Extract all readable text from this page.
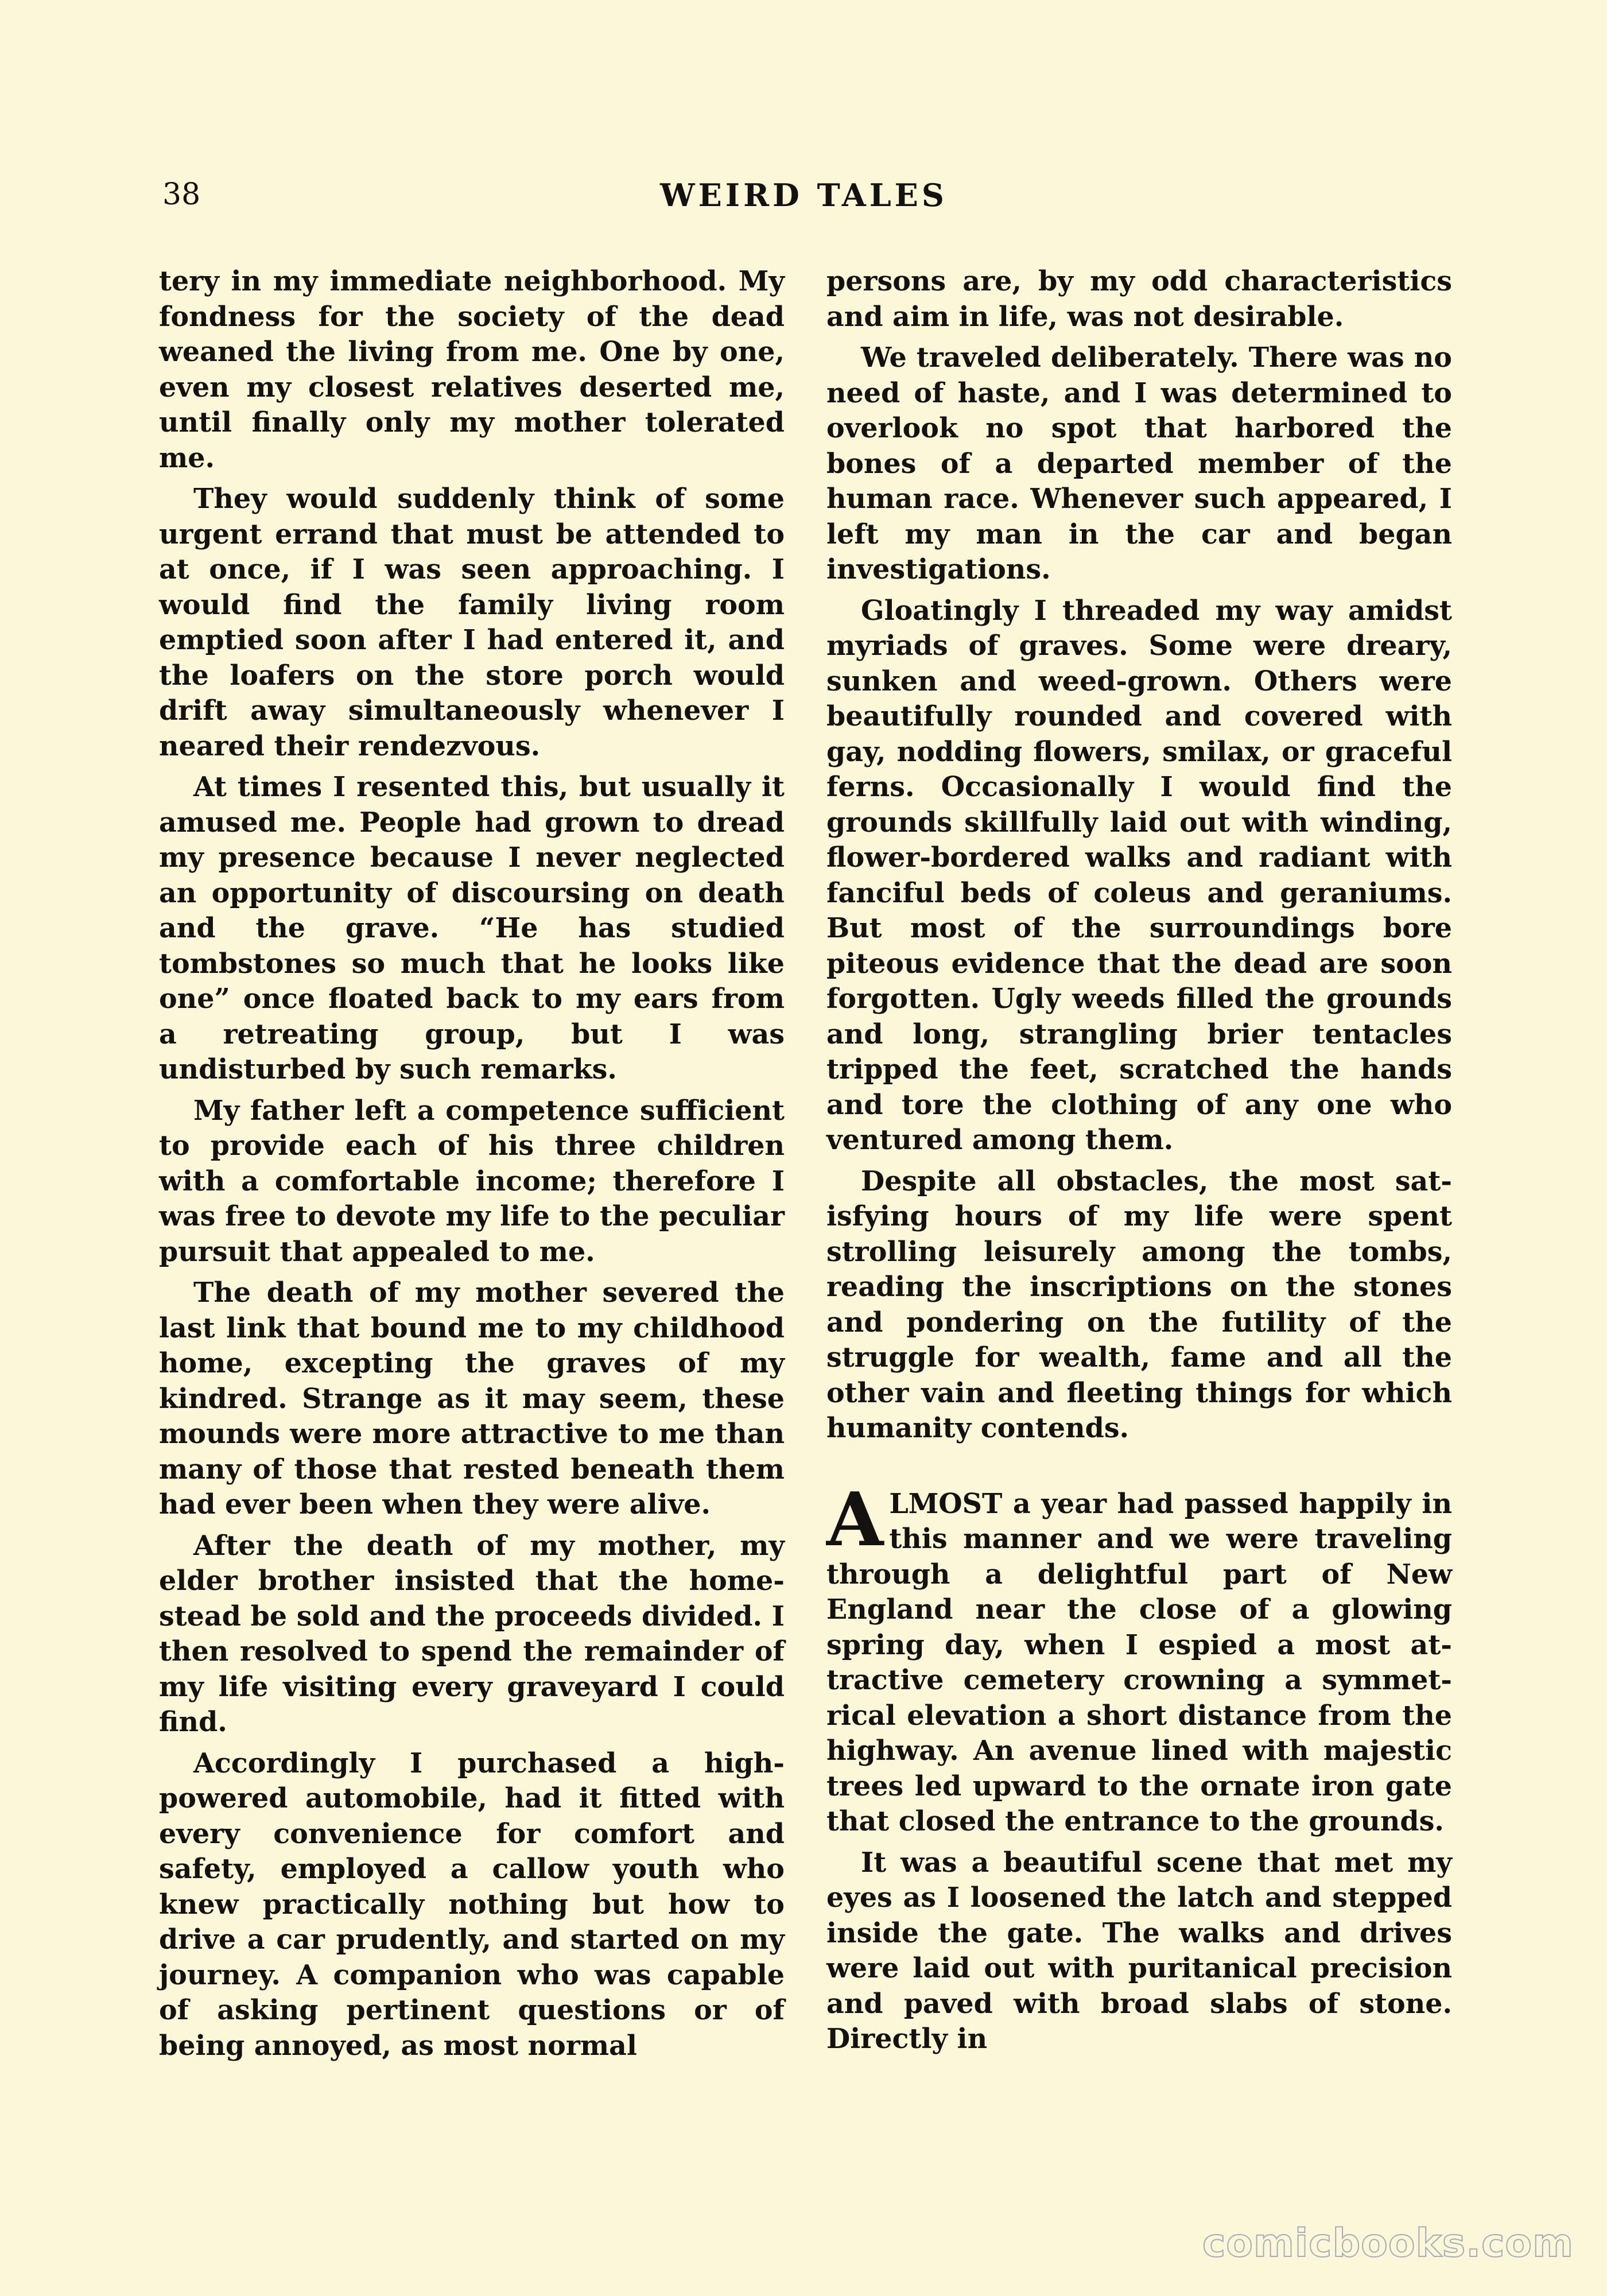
38	WEIRD TALES

tery in my immediate neighborhood. My fondness for the society of the dead weaned the living from me. One by one, even my closest relatives deserted me, until finally only my mother tolerated me.

They would suddenly think of some urgent errand that must be attended to at once, if I was seen approaching. I would find the family living room emptied soon after I had entered it, and the loafers on the store porch would drift away simultaneously whenever I neared their rendezvous.

At times I resented this, but usually it amused me. People had grown to dread my presence because I never neglected an opportunity of discoursing on death and the grave. “He has studied tombstones so much that he looks like one” once floated back to my ears from a retreating group, but I was undisturbed by such remarks.

My father left a competence sufficient to provide each of his three children with a comfortable income; therefore I was free to devote my life to the peculiar pursuit that appealed to me.

The death of my mother severed the last link that bound me to my childhood home, excepting the graves of my kindred. Strange as it may seem, these mounds were more attractive to me than many of those that rested beneath them had ever been when they were alive.

After the death of my mother, my elder brother insisted that the homestead be sold and the proceeds divided. I then resolved to spend the remainder of my life visiting every graveyard I could find.

Accordingly I purchased a high-powered automobile, had it fitted with every convenience for comfort and safety, employed a callow youth who knew practically nothing but how to drive a car prudently, and started on my journey. A companion who was capable of asking pertinent questions or of being annoyed, as most normal

persons are, by my odd characteristics and aim in life, was not desirable.

We traveled deliberately. There was no need of haste, and I was determined to overlook no spot that harbored the bones of a departed member of the human race. Whenever such appeared, I left my man in the car and began investigations.

Gloatingly I threaded my way amidst myriads of graves. Some were dreary, sunken and weed-grown. Others were beautifully rounded and covered with gay, nodding flowers, smilax, or graceful ferns. Occasionally I would find the grounds skillfully laid out with winding, flower-bordered walks and radiant with fanciful beds of coleus and geraniums. But most of the surroundings bore piteous evidence that the dead are soon forgotten. Ugly weeds filled the grounds and long, strangling brier tentacles tripped the feet, scratched the hands and tore the clothing of any one who ventured among them.

Despite all obstacles, the most satisfying hours of my life were spent strolling leisurely among the tombs, reading the inscriptions on the stones and pondering on the futility of the struggle for wealth, fame and all the other vain and fleeting things for which humanity contends.

ALMOST a year had passed happily in this manner and we were traveling through a delightful part of New England near the close of a glowing spring day, when I espied a most attractive cemetery crowning a symmetrical elevation a short distance from the highway. An avenue lined with majestic trees led upward to the ornate iron gate that closed the entrance to the grounds.

It was a beautiful scene that met my eyes as I loosened the latch and stepped inside the gate. The walks and drives were laid out with puritanical precision and paved with broad slabs of stone. Directly in

comicbooks.com
